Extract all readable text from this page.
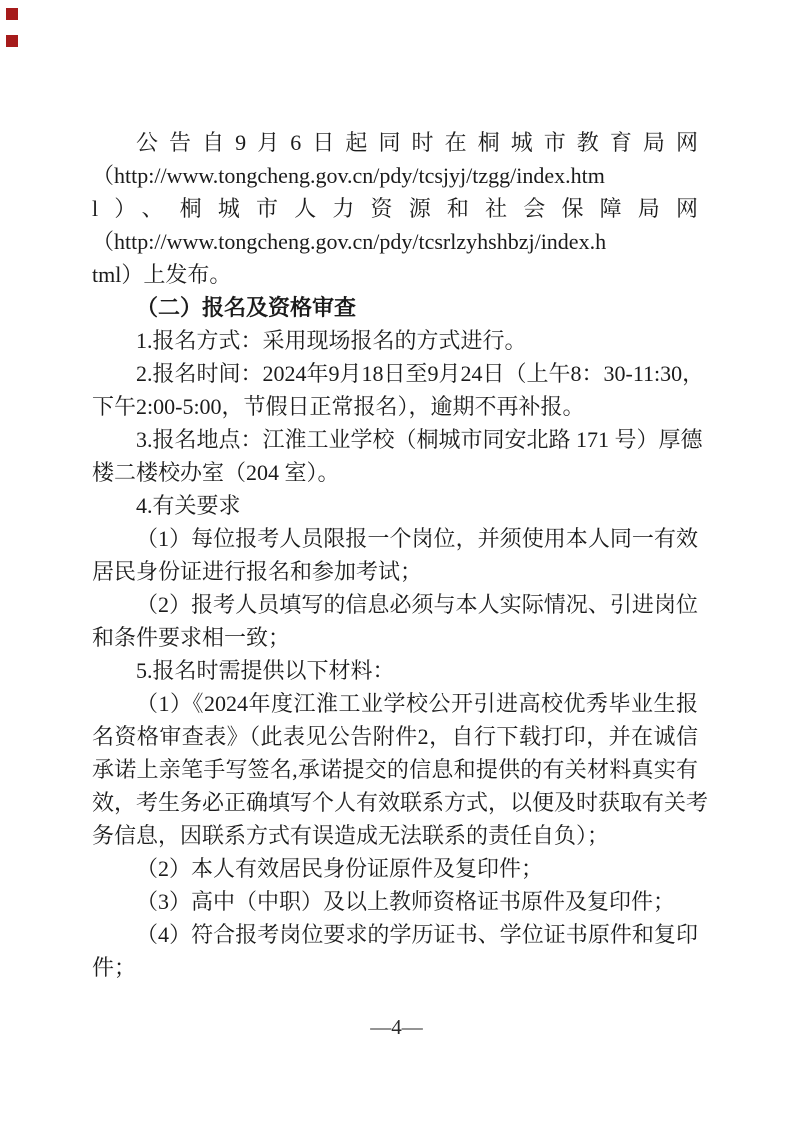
公告自9月6日起同时在桐城市教育局网
（http://www.tongcheng.gov.cn/pdy/tcsjyj/tzgg/index.htm
l）、桐城市人力资源和社会保障局网
（http://www.tongcheng.gov.cn/pdy/tcsrlzyhshbzj/index.h
tml）上发布。
（二）报名及资格审查
1.报名方式：采用现场报名的方式进行。
2.报名时间：2024年9月18日至9月24日（上午8：30-11:30，
下午2:00-5:00，节假日正常报名），逾期不再补报。
3.报名地点：江淮工业学校（桐城市同安北路 171 号）厚德
楼二楼校办室（204 室）。
4.有关要求
（1）每位报考人员限报一个岗位，并须使用本人同一有效
居民身份证进行报名和参加考试；
（2）报考人员填写的信息必须与本人实际情况、引进岗位
和条件要求相一致；
5.报名时需提供以下材料：
（1）《2024年度江淮工业学校公开引进高校优秀毕业生报
名资格审查表》（此表见公告附件2，自行下载打印，并在诚信
承诺上亲笔手写签名,承诺提交的信息和提供的有关材料真实有
效，考生务必正确填写个人有效联系方式，以便及时获取有关考
务信息，因联系方式有误造成无法联系的责任自负）；
（2）本人有效居民身份证原件及复印件；
（3）高中（中职）及以上教师资格证书原件及复印件；
（4）符合报考岗位要求的学历证书、学位证书原件和复印
件；
—4—
